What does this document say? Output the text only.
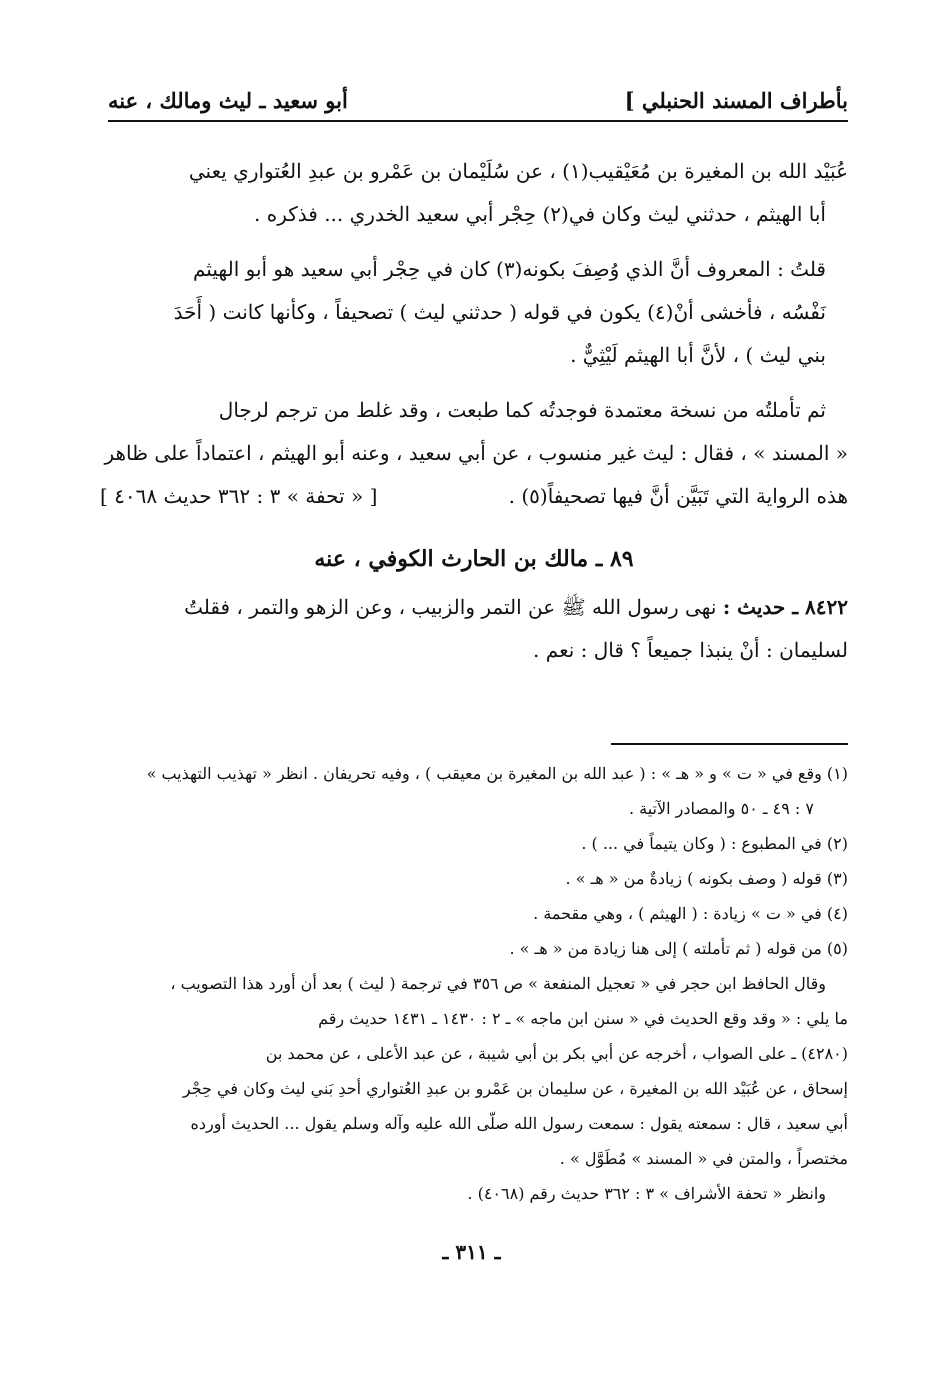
بأطراف المسند الحنبلي ]
أبو سعيد ـ ليث ومالك ، عنه
عُبَيْد الله بن المغيرة بن مُعَيْقيب(١) ، عن سُلَيْمان بن عَمْرو بن عبدِ العُتواري يعني
أبا الهيثم ، حدثني ليث وكان في(٢) حِجْر أبي سعيد الخدري ... فذكره .
قلتُ : المعروف أنَّ الذي وُصِفَ بكونه(٣) كان في حِجْر أبي سعيد هو أبو الهيثم
نَفْسُه ، فأخشى أنْ(٤) يكون في قوله ( حدثني ليث ) تصحيفاً ، وكأنها كانت ( أَحَدَ
بني ليث ) ، لأنَّ أبا الهيثم لَيْثِيٌّ .
ثم تأملتُه من نسخة معتمدة فوجدتُه كما طبعت ، وقد غلط من ترجم لرجال
« المسند » ، فقال : ليث غير منسوب ، عن أبي سعيد ، وعنه أبو الهيثم ، اعتماداً على ظاهر
هذه الرواية التي تَبَيَّن أنَّ فيها تصحيفاً(٥) .
[ « تحفة » ٣ : ٣٦٢ حديث ٤٠٦٨ ]
٨٩ ـ مالك بن الحارث الكوفي ، عنه
٨٤٢٢ ـ حديث : نهى رسول الله ﷺ عن التمر والزبيب ، وعن الزهو والتمر ، فقلتُ
لسليمان : أنْ ينبذا جميعاً ؟ قال : نعم .
(١) وقع في « ت » و « هـ » : ( عبد الله بن المغيرة بن معيقب ) ، وفيه تحريفان . انظر « تهذيب التهذيب »
٧ : ٤٩ ـ ٥٠ والمصادر الآتية .
(٢) في المطبوع : ( وكان يتيماً في ... ) .
(٣) قوله ( وصف بكونه ) زيادةٌ من « هـ » .
(٤) في « ت » زيادة : ( الهيثم ) ، وهي مقحمة .
(٥) من قوله ( ثم تأملته ) إلى هنا زيادة من « هـ » .
وقال الحافظ ابن حجر في « تعجيل المنفعة » ص ٣٥٦ في ترجمة ( ليث ) بعد أن أورد هذا التصويب ،
ما يلي : « وقد وقع الحديث في « سنن ابن ماجه » ـ ٢ : ١٤٣٠ ـ ١٤٣١ حديث رقم
(٤٢٨٠) ـ على الصواب ، أخرجه عن أبي بكر بن أبي شيبة ، عن عبد الأعلى ، عن محمد بن
إسحاق ، عن عُبَيْد الله بن المغيرة ، عن سليمان بن عَمْرو بن عبدِ العُتواري أحدِ بَني ليث وكان في حِجْر
أبي سعيد ، قال : سمعته يقول : سمعت رسول الله صلّى الله عليه وآله وسلم يقول ... الحديث أورده
مختصراً ، والمتن في « المسند » مُطَوَّل » .
وانظر « تحفة الأشراف » ٣ : ٣٦٢ حديث رقم (٤٠٦٨) .
ـ ٣١١ ـ
